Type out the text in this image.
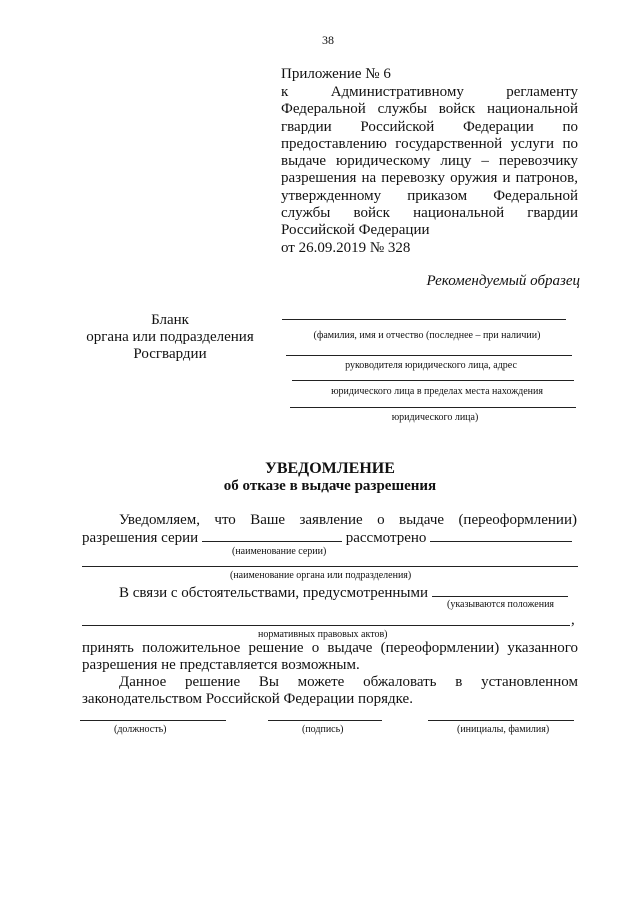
38
Приложение № 6
к	Административному	регламенту
Федеральной службы войск национальной
гвардии Российской Федерации по
предоставлению государственной услуги по
выдаче юридическому лицу – перевозчику
разрешения на перевозку оружия и патронов,
утвержденному приказом Федеральной
службы войск национальной гвардии
Российской Федерации
от 26.09.2019 № 328
Рекомендуемый образец
Бланк
органа или подразделения
Росгвардии
(фамилия, имя и отчество (последнее – при наличии)
руководителя юридического лица, адрес
юридического лица в пределах места нахождения
юридического лица)
УВЕДОМЛЕНИЕ
об отказе в выдаче разрешения
Уведомляем, что Ваше заявление о выдаче (переоформлении)
разрешения серии	рассмотрено
(наименование серии)
(наименование органа или подразделения)
В связи с обстоятельствами, предусмотренными
(указываются положения
,
нормативных правовых актов)
принять положительное решение о выдаче (переоформлении) указанного
разрешения не представляется возможным.
Данное решение Вы можете обжаловать в установленном
законодательством Российской Федерации порядке.
(должность)	(подпись)	(инициалы, фамилия)
